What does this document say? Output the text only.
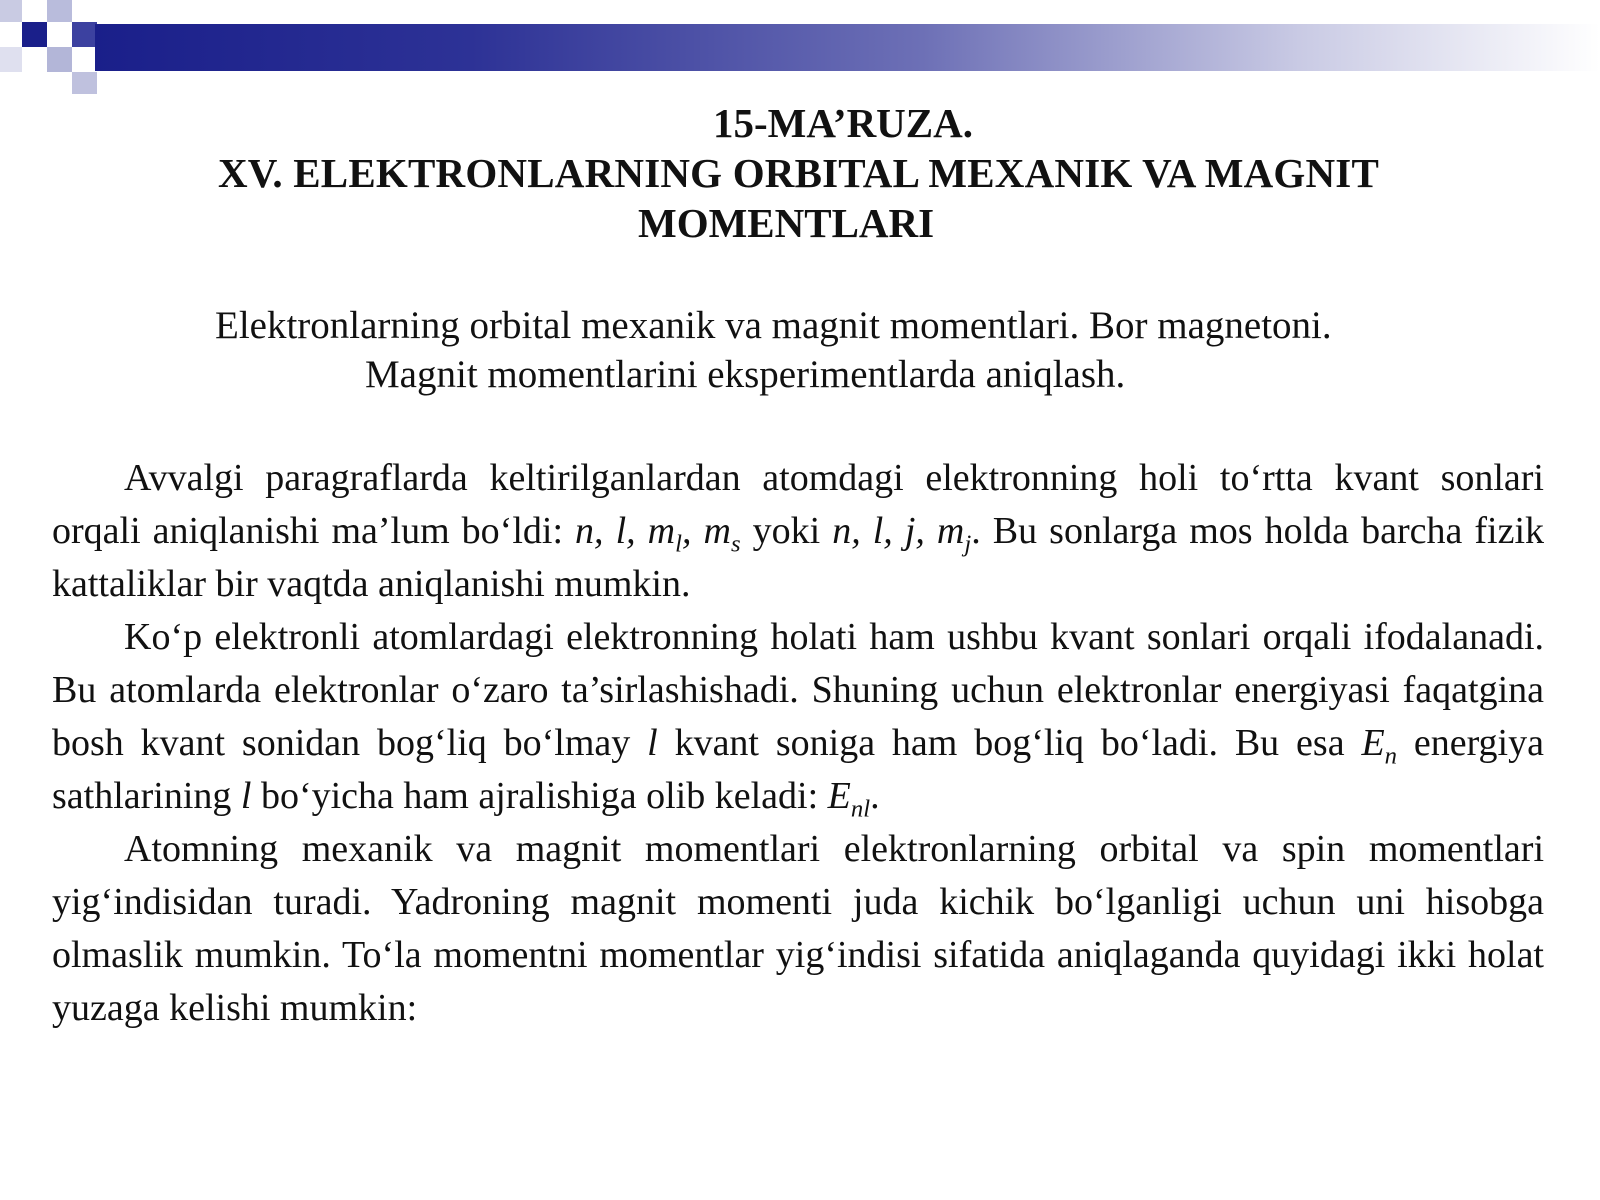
15-MA’RUZA.
XV. ELEKTRONLARNING ORBITAL MEXANIK VA MAGNIT
MOMENTLARI
Elektronlarning orbital mexanik va magnit momentlari. Bor magnetoni.
Magnit momentlarini eksperimentlarda aniqlash.

Avvalgi paragraflarda keltirilganlardan atomdagi elektronning holi to‘rtta kvant sonlari orqali aniqlanishi ma’lum bo‘ldi: n, l, $m_l$, $m_s$ yoki n, l, j, $m_j$. Bu sonlarga mos holda barcha fizik kattaliklar bir vaqtda aniqlanishi mumkin.

Ko‘p elektronli atomlardagi elektronning holati ham ushbu kvant sonlari orqali ifodalanadi. Bu atomlarda elektronlar o‘zaro ta’sirlashishadi. Shuning uchun elektronlar energiyasi faqatgina bosh kvant sonidan bog‘liq bo‘lmay l kvant soniga ham bog‘liq bo‘ladi. Bu esa $E_n$ energiya sathlarining l bo‘yicha ham ajralishiga olib keladi: $E_{nl}$.

Atomning mexanik va magnit momentlari elektronlarning orbital va spin momentlari yig‘indisidan turadi. Yadroning magnit momenti juda kichik bo‘lganligi uchun uni hisobga olmaslik mumkin. To‘la momentni momentlar yig‘indisi sifatida aniqlaganda quyidagi ikki holat yuzaga kelishi mumkin:
